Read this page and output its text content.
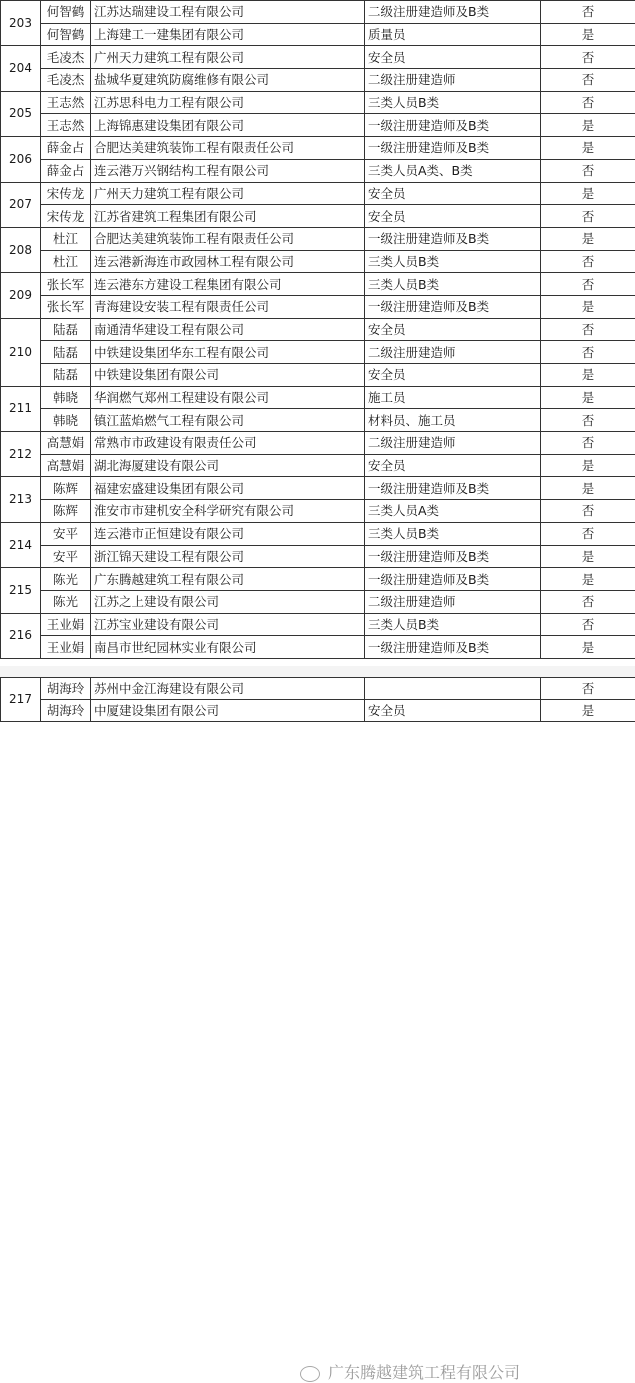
203	何智鹤	江苏达瑞建设工程有限公司	二级注册建造师及B类	否
	何智鹤	上海建工一建集团有限公司	质量员	是
204	毛凌杰	广州天力建筑工程有限公司	安全员	否
	毛凌杰	盐城华夏建筑防腐维修有限公司	二级注册建造师	否
205	王志然	江苏思科电力工程有限公司	三类人员B类	否
	王志然	上海锦惠建设集团有限公司	一级注册建造师及B类	是
206	薛金占	合肥达美建筑装饰工程有限责任公司	一级注册建造师及B类	是
	薛金占	连云港万兴钢结构工程有限公司	三类人员A类、B类	否
207	宋传龙	广州天力建筑工程有限公司	安全员	是
	宋传龙	江苏省建筑工程集团有限公司	安全员	否
208	杜江	合肥达美建筑装饰工程有限责任公司	一级注册建造师及B类	是
	杜江	连云港新海连市政园林工程有限公司	三类人员B类	否
209	张长军	连云港东方建设工程集团有限公司	三类人员B类	否
	张长军	青海建设安装工程有限责任公司	一级注册建造师及B类	是
210	陆磊	南通清华建设工程有限公司	安全员	否
	陆磊	中铁建设集团华东工程有限公司	二级注册建造师	否
	陆磊	中铁建设集团有限公司	安全员	是
211	韩晓	华润燃气郑州工程建设有限公司	施工员	是
	韩晓	镇江蓝焰燃气工程有限公司	材料员、施工员	否
212	高慧娟	常熟市市政建设有限责任公司	二级注册建造师	否
	高慧娟	湖北海厦建设有限公司	安全员	是
213	陈辉	福建宏盛建设集团有限公司	一级注册建造师及B类	是
	陈辉	淮安市市建机安全科学研究有限公司	三类人员A类	否
214	安平	连云港市正恒建设有限公司	三类人员B类	否
	安平	浙江锦天建设工程有限公司	一级注册建造师及B类	是
215	陈光	广东腾越建筑工程有限公司	一级注册建造师及B类	是
	陈光	江苏之上建设有限公司	二级注册建造师	否
216	王业娟	江苏宝业建设有限公司	三类人员B类	否
	王业娟	南昌市世纪园林实业有限公司	一级注册建造师及B类	是
217	胡海玲	苏州中金江海建设有限公司		否
	胡海玲	中厦建设集团有限公司	安全员	是
广东腾越建筑工程有限公司
